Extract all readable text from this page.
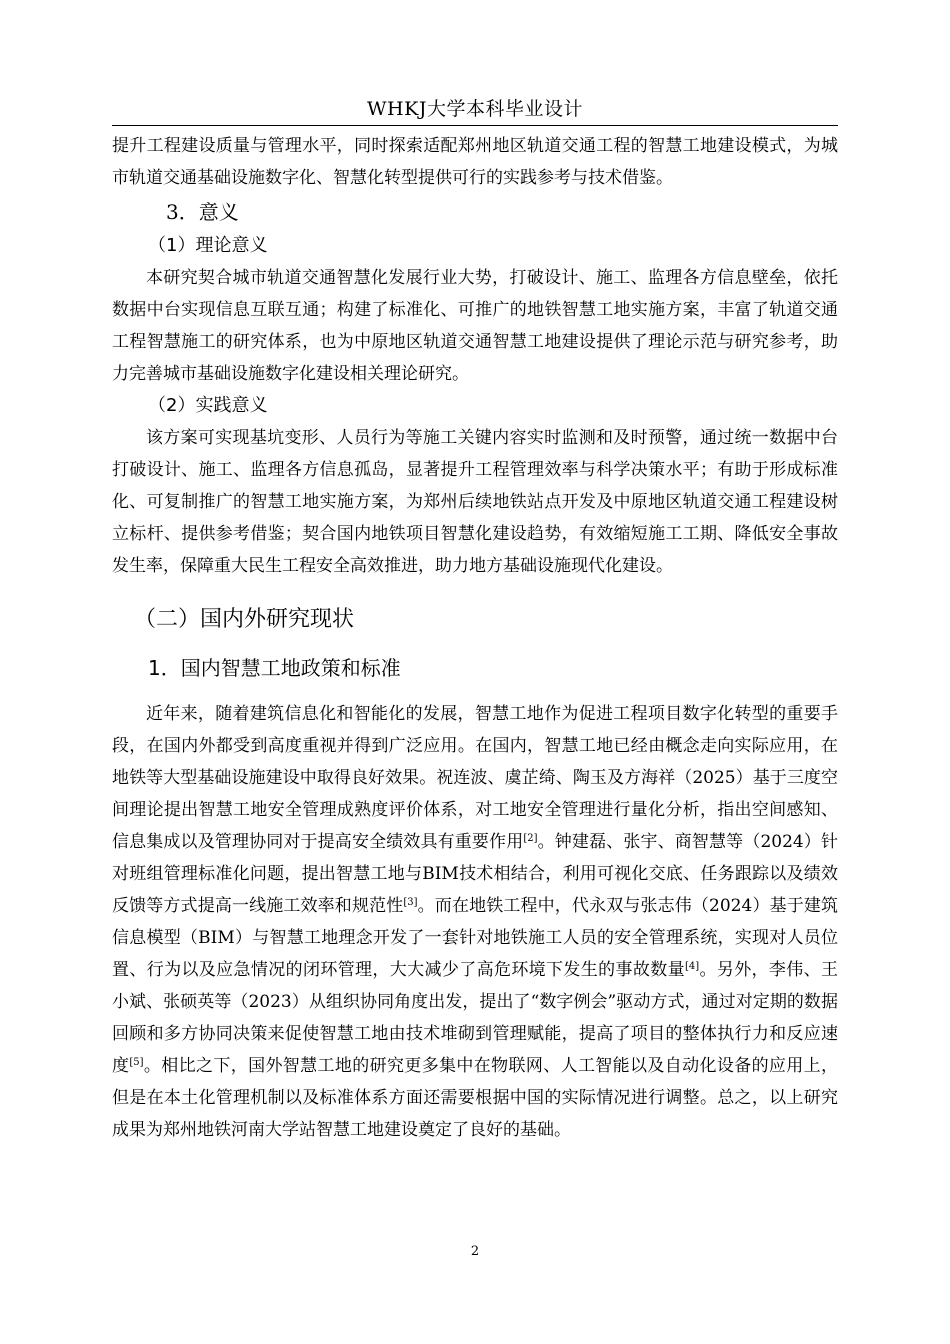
WHKJ大学本科毕业设计

提升工程建设质量与管理水平，同时探索适配郑州地区轨道交通工程的智慧工地建设模式，为城市轨道交通基础设施数字化、智慧化转型提供可行的实践参考与技术借鉴。

3．意义
（1）理论意义

本研究契合城市轨道交通智慧化发展行业大势，打破设计、施工、监理各方信息壁垒，依托数据中台实现信息互联互通；构建了标准化、可推广的地铁智慧工地实施方案，丰富了轨道交通工程智慧施工的研究体系，也为中原地区轨道交通智慧工地建设提供了理论示范与研究参考，助力完善城市基础设施数字化建设相关理论研究。

（2）实践意义

该方案可实现基坑变形、人员行为等施工关键内容实时监测和及时预警，通过统一数据中台打破设计、施工、监理各方信息孤岛，显著提升工程管理效率与科学决策水平；有助于形成标准化、可复制推广的智慧工地实施方案，为郑州后续地铁站点开发及中原地区轨道交通工程建设树立标杆、提供参考借鉴；契合国内地铁项目智慧化建设趋势，有效缩短施工工期、降低安全事故发生率，保障重大民生工程安全高效推进，助力地方基础设施现代化建设。

（二）国内外研究现状
1．国内智慧工地政策和标准

近年来，随着建筑信息化和智能化的发展，智慧工地作为促进工程项目数字化转型的重要手段，在国内外都受到高度重视并得到广泛应用。在国内，智慧工地已经由概念走向实际应用，在地铁等大型基础设施建设中取得良好效果。祝连波、虞芷绮、陶玉及方海祥（2025）基于三度空间理论提出智慧工地安全管理成熟度评价体系，对工地安全管理进行量化分析，指出空间感知、信息集成以及管理协同对于提高安全绩效具有重要作用[2]。钟建磊、张宇、商智慧等（2024）针对班组管理标准化问题，提出智慧工地与BIM技术相结合，利用可视化交底、任务跟踪以及绩效反馈等方式提高一线施工效率和规范性[3]。而在地铁工程中，代永双与张志伟（2024）基于建筑信息模型（BIM）与智慧工地理念开发了一套针对地铁施工人员的安全管理系统，实现对人员位置、行为以及应急情况的闭环管理，大大减少了高危环境下发生的事故数量[4]。另外，李伟、王小斌、张硕英等（2023）从组织协同角度出发，提出了“数字例会”驱动方式，通过对定期的数据回顾和多方协同决策来促使智慧工地由技术堆砌到管理赋能，提高了项目的整体执行力和反应速度[5]。相比之下，国外智慧工地的研究更多集中在物联网、人工智能以及自动化设备的应用上，但是在本土化管理机制以及标准体系方面还需要根据中国的实际情况进行调整。总之，以上研究成果为郑州地铁河南大学站智慧工地建设奠定了良好的基础。

2
